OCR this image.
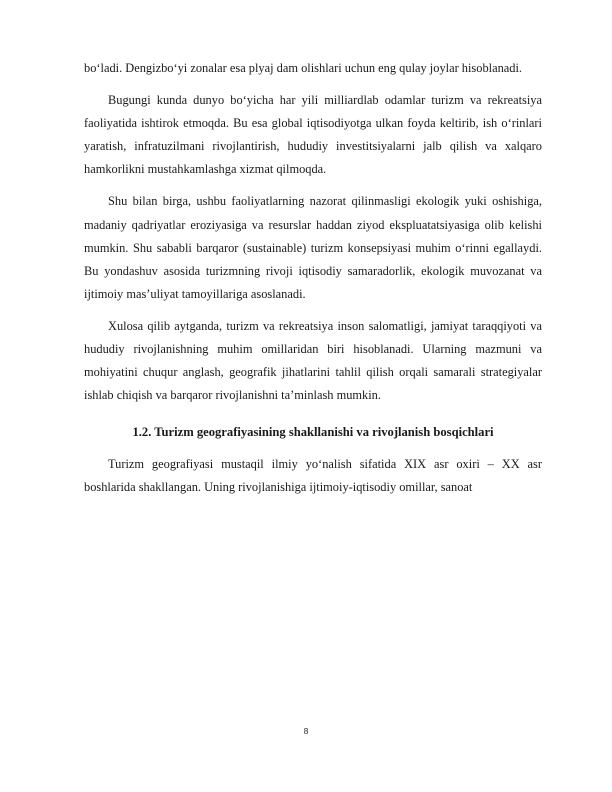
bo‘ladi. Dengizbo‘yi zonalar esa plyaj dam olishlari uchun eng qulay joylar hisoblanadi.

Bugungi kunda dunyo bo‘yicha har yili milliardlab odamlar turizm va rekreatsiya faoliyatida ishtirok etmoqda. Bu esa global iqtisodiyotga ulkan foyda keltirib, ish o‘rinlari yaratish, infratuzilmani rivojlantirish, hududiy investitsiyalarni jalb qilish va xalqaro hamkorlikni mustahkamlashga xizmat qilmoqda.

Shu bilan birga, ushbu faoliyatlarning nazorat qilinmasligi ekologik yuki oshishiga, madaniy qadriyatlar eroziyasiga va resurslar haddan ziyod ekspluatatsiyasiga olib kelishi mumkin. Shu sababli barqaror (sustainable) turizm konsepsiyasi muhim o‘rinni egallaydi. Bu yondashuv asosida turizmning rivoji iqtisodiy samaradorlik, ekologik muvozanat va ijtimoiy mas’uliyat tamoyillariga asoslanadi.

Xulosa qilib aytganda, turizm va rekreatsiya inson salomatligi, jamiyat taraqqiyoti va hududiy rivojlanishning muhim omillaridan biri hisoblanadi. Ularning mazmuni va mohiyatini chuqur anglash, geografik jihatlarini tahlil qilish orqali samarali strategiyalar ishlab chiqish va barqaror rivojlanishni ta’minlash mumkin.

1.2. Turizm geografiyasining shakllanishi va rivojlanish bosqichlari

Turizm geografiyasi mustaqil ilmiy yo‘nalish sifatida XIX asr oxiri – XX asr boshlarida shakllangan. Uning rivojlanishiga ijtimoiy-iqtisodiy omillar, sanoat

8
